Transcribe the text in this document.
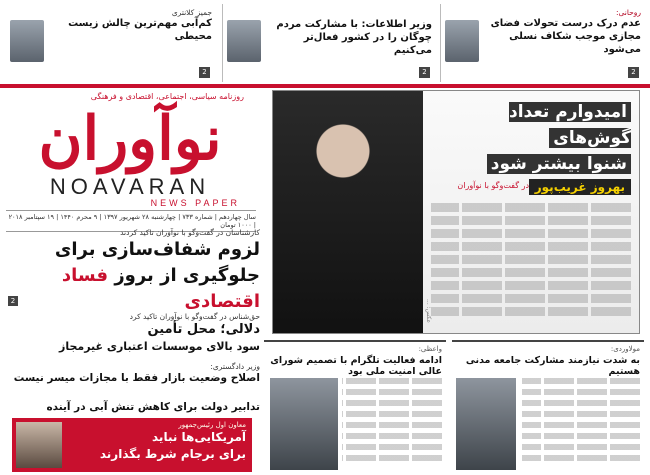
روحانی:
عدم درک درست تحولات فضای مجازی موجب شکاف نسلی می‌شود
2
وزیر اطلاعات: با مشارکت مردم چوگان را در کشور فعال‌تر می‌کنیم
2
جمیز کلانتری
کم‌آبی مهم‌ترین چالش زیست محیطی
2
روزنامه سیاسی، اجتماعی، اقتصادی و فرهنگی
نوآوران
NOAVARAN
NEWS PAPER
سال چهاردهم | شماره ۷۳۳ | چهارشنبه ۲۸ شهریور ۱۳۹۷ | ۹ محرم ۱۴۴۰ | ۱۹ سپتامبر ۲۰۱۸ | ۱۰۰۰ تومان
کارشناسان در گفت‌وگو با نوآوران تاکید کردند
لزوم شفاف‌سازی برای
جلوگیری از بروز فساد اقتصادی
حق‌شناس در گفت‌وگو با نوآوران تاکید کرد
دلالی؛ محل تأمین
سود بالای موسسات اعتباری غیرمجاز
وزیر دادگستری:
اصلاح وضعیت بازار فقط با مجازات میسر نیست
تدابیر دولت برای کاهش تنش آبی در آینده
2
امیدوارم تعداد گوش‌های
شنوا بیشتر شود
بهروز غریب‌پور
در گفت‌وگو با نوآوران
عکس: ...
مولاوردی:
به شدت نیازمند مشارکت جامعه مدنی هستیم
واعظی:
ادامه فعالیت تلگرام با تصمیم شورای عالی امنیت ملی بود
معاون اول رئیس‌جمهور
آمریکایی‌ها نباید
برای برجام شرط بگذارند
